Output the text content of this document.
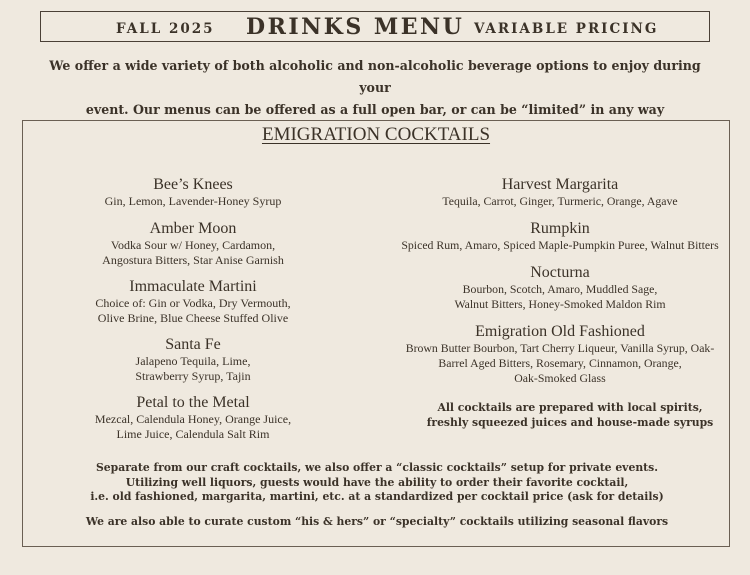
FALL 2025 DRINKS MENU VARIABLE PRICING
We offer a wide variety of both alcoholic and non-alcoholic beverage options to enjoy during your
event. Our menus can be offered as a full open bar, or can be “limited” in any way
EMIGRATION COCKTAILS
Bee’s Knees
Gin, Lemon, Lavender-Honey Syrup
Amber Moon
Vodka Sour w/ Honey, Cardamon,
Angostura Bitters, Star Anise Garnish
Immaculate Martini
Choice of: Gin or Vodka, Dry Vermouth,
Olive Brine, Blue Cheese Stuffed Olive
Santa Fe
Jalapeno Tequila, Lime,
Strawberry Syrup, Tajin
Petal to the Metal
Mezcal, Calendula Honey, Orange Juice,
Lime Juice, Calendula Salt Rim
Harvest Margarita
Tequila, Carrot, Ginger, Turmeric, Orange, Agave
Rumpkin
Spiced Rum, Amaro, Spiced Maple-Pumpkin Puree, Walnut Bitters
Nocturna
Bourbon, Scotch, Amaro, Muddled Sage,
Walnut Bitters, Honey-Smoked Maldon Rim
Emigration Old Fashioned
Brown Butter Bourbon, Tart Cherry Liqueur, Vanilla Syrup, Oak-
Barrel Aged Bitters, Rosemary, Cinnamon, Orange,
Oak-Smoked Glass
All cocktails are prepared with local spirits,
freshly squeezed juices and house-made syrups
Separate from our craft cocktails, we also offer a “classic cocktails” setup for private events.
Utilizing well liquors, guests would have the ability to order their favorite cocktail,
i.e. old fashioned, margarita, martini, etc. at a standardized per cocktail price (ask for details)
We are also able to curate custom “his & hers” or “specialty” cocktails utilizing seasonal flavors
